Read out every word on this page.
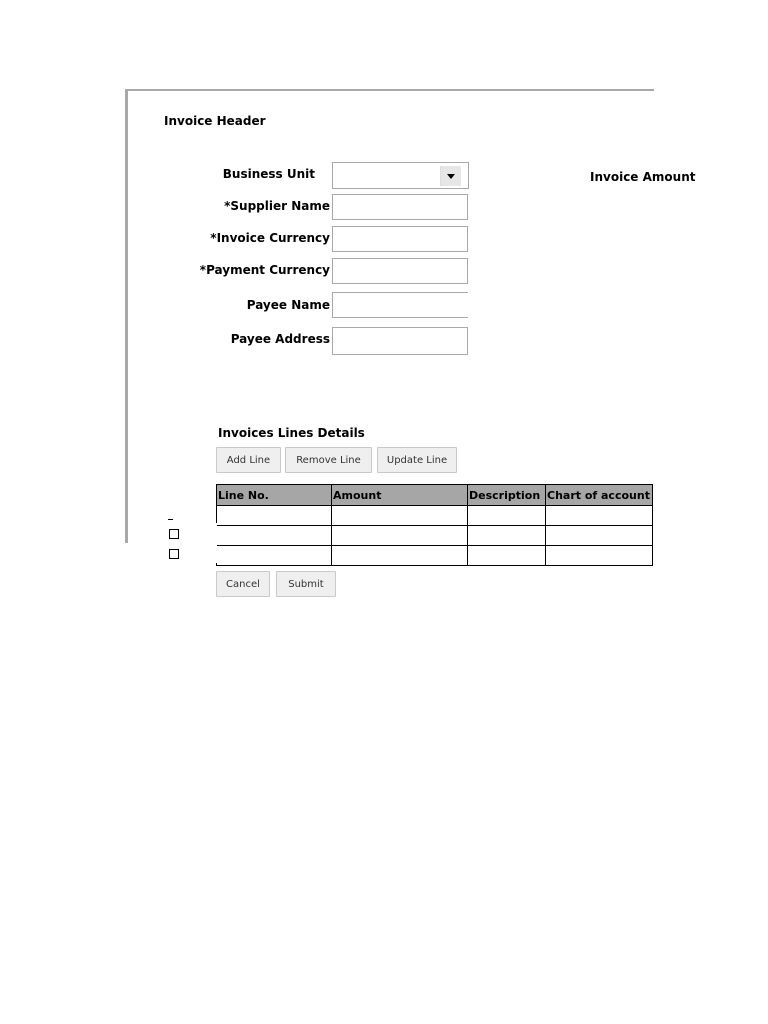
Invoice Header
Business Unit	Invoice Amount
*Supplier Name
*Invoice Currency
*Payment Currency
Payee Name
Payee Address
Invoices Lines Details
Add Line	Remove Line	Update Line
Line No.	Amount	Description	Chart of account

Cancel	Submit
